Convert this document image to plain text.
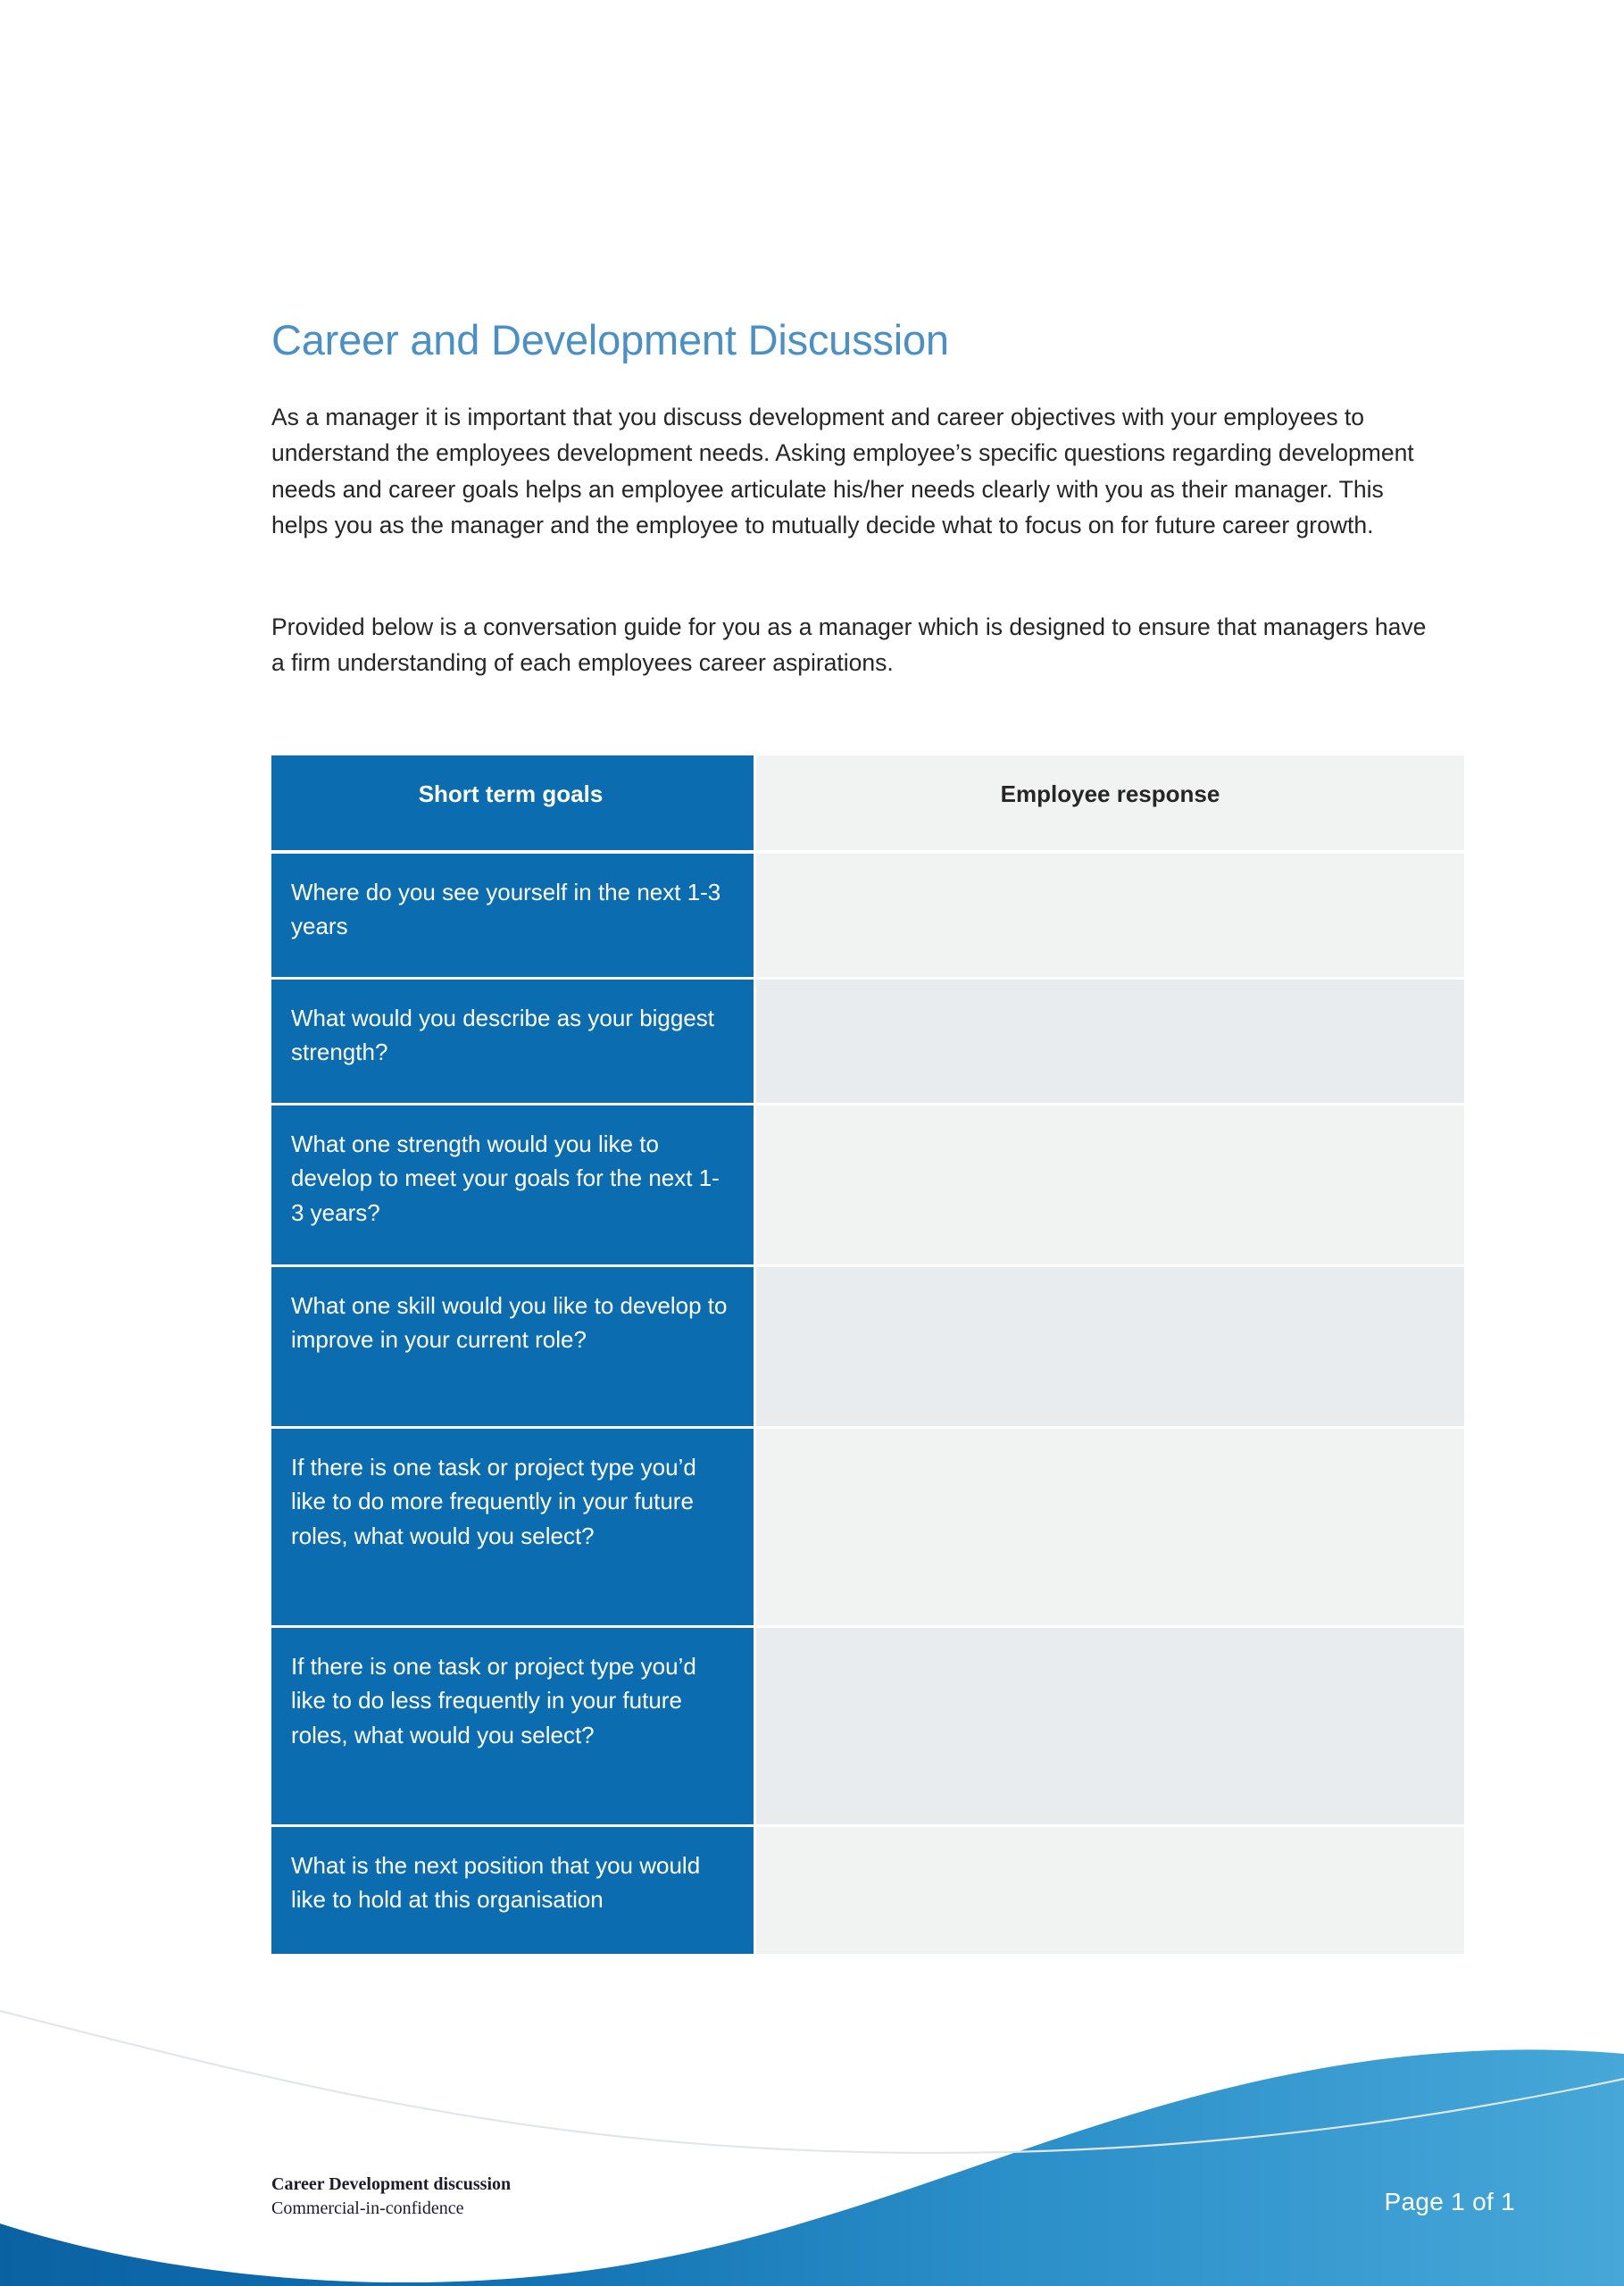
Career and Development Discussion

As a manager it is important that you discuss development and career objectives with your employees to understand the employees development needs. Asking employee’s specific questions regarding development needs and career goals helps an employee articulate his/her needs clearly with you as their manager. This helps you as the manager and the employee to mutually decide what to focus on for future career growth.

Provided below is a conversation guide for you as a manager which is designed to ensure that managers have a firm understanding of each employees career aspirations.

Short term goals	Employee response

Where do you see yourself in the next 1-3 years	

What would you describe as your biggest strength?	

What one strength would you like to develop to meet your goals for the next 1-3 years?	

What one skill would you like to develop to improve in your current role?	

If there is one task or project type you’d like to do more frequently in your future roles, what would you select?	

If there is one task or project type you’d like to do less frequently in your future roles, what would you select?	

What is the next position that you would like to hold at this organisation	

Career Development discussion
Commercial-in-confidence	Page 1 of 1
